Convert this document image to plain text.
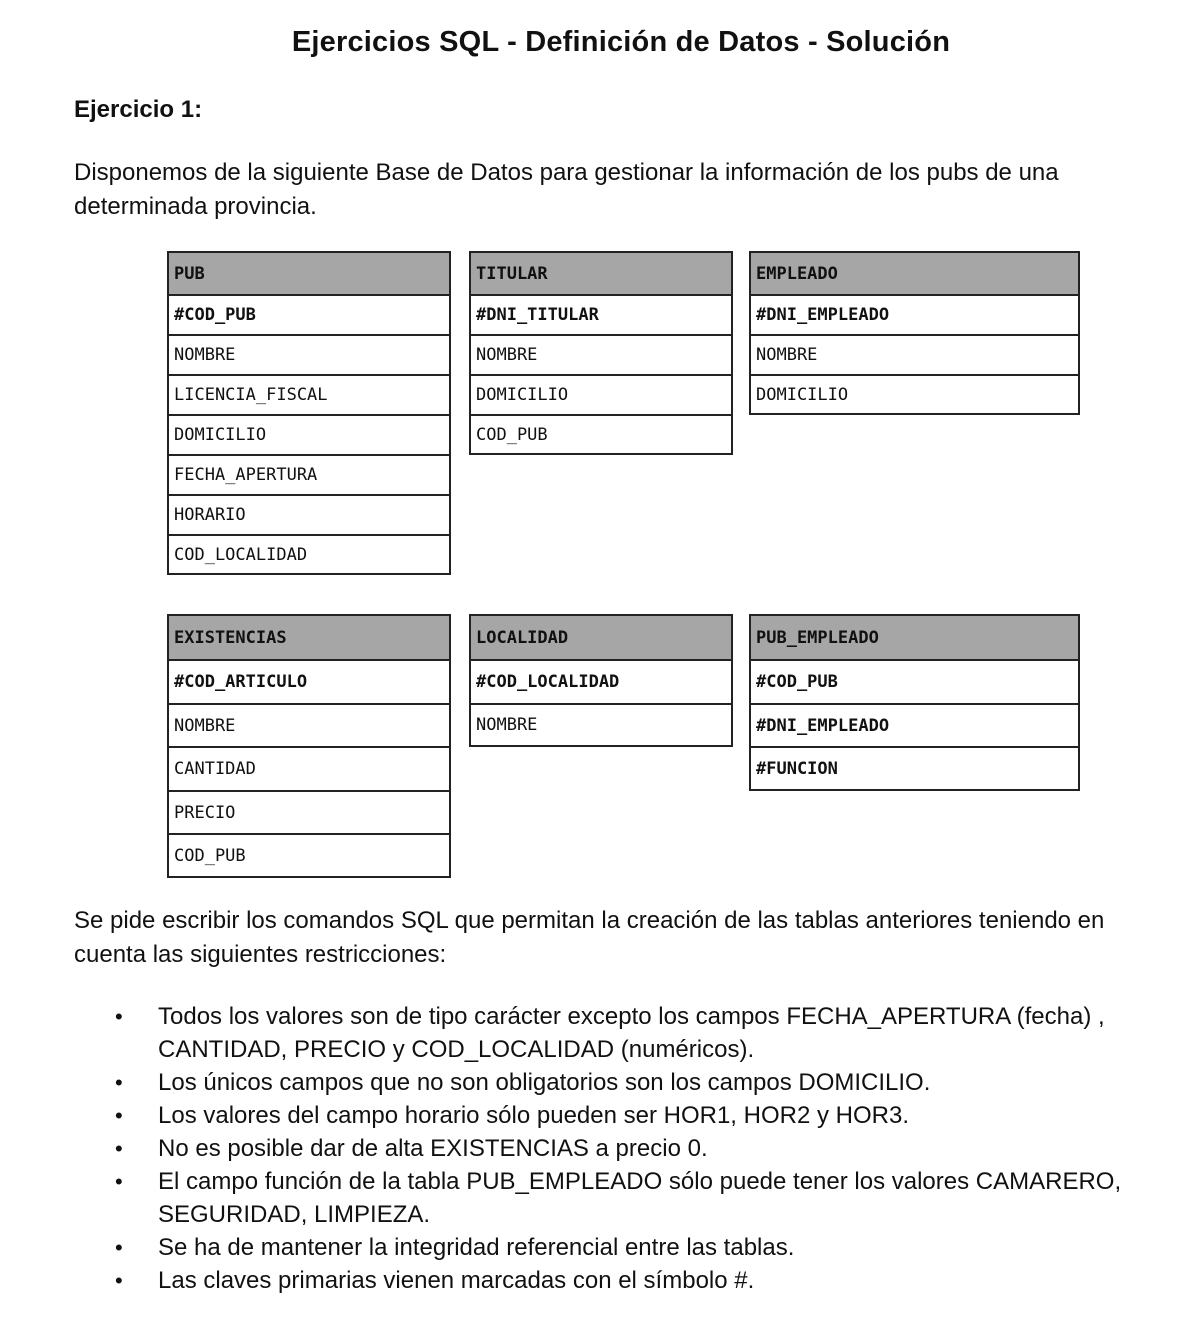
Ejercicios SQL - Definición de Datos - Solución
Ejercicio 1:

Disponemos de la siguiente Base de Datos para gestionar la información de los pubs de una determinada provincia.

PUB
#COD_PUB
NOMBRE
LICENCIA_FISCAL
DOMICILIO
FECHA_APERTURA
HORARIO
COD_LOCALIDAD
TITULAR
#DNI_TITULAR
NOMBRE
DOMICILIO
COD_PUB
EMPLEADO
#DNI_EMPLEADO
NOMBRE
DOMICILIO
EXISTENCIAS
#COD_ARTICULO
NOMBRE
CANTIDAD
PRECIO
COD_PUB
LOCALIDAD
#COD_LOCALIDAD
NOMBRE
PUB_EMPLEADO
#COD_PUB
#DNI_EMPLEADO
#FUNCION

Se pide escribir los comandos SQL que permitan la creación de las tablas anteriores teniendo en cuenta las siguientes restricciones:

• Todos los valores son de tipo carácter excepto los campos FECHA_APERTURA (fecha) , CANTIDAD, PRECIO y COD_LOCALIDAD (numéricos).
• Los únicos campos que no son obligatorios son los campos DOMICILIO.
• Los valores del campo horario sólo pueden ser HOR1, HOR2 y HOR3.
• No es posible dar de alta EXISTENCIAS a precio 0.
• El campo función de la tabla PUB_EMPLEADO sólo puede tener los valores CAMARERO, SEGURIDAD, LIMPIEZA.
• Se ha de mantener la integridad referencial entre las tablas.
• Las claves primarias vienen marcadas con el símbolo #.
